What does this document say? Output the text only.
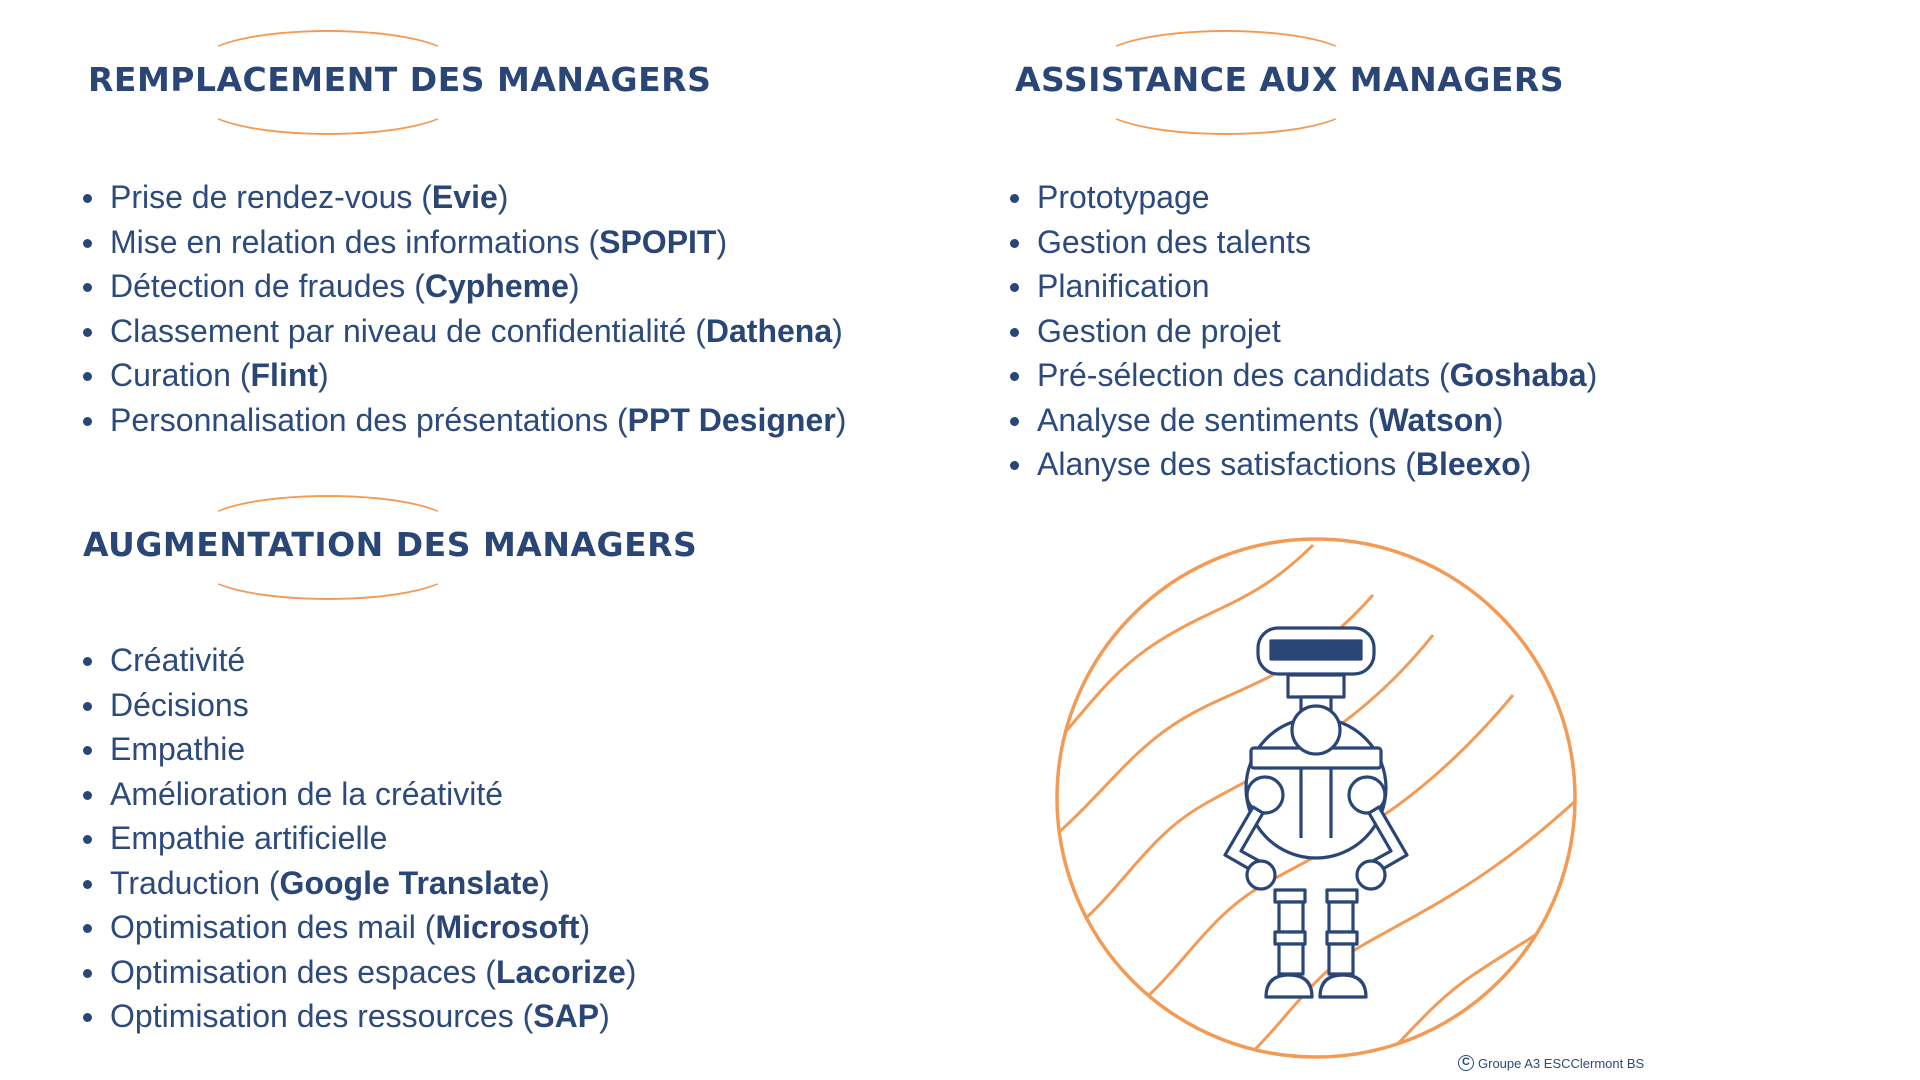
REMPLACEMENT DES MANAGERS
Prise de rendez-vous (Evie)
Mise en relation des informations (SPOPIT)
Détection de fraudes (Cypheme)
Classement par niveau de confidentialité (Dathena)
Curation (Flint)
Personnalisation des présentations (PPT Designer)
ASSISTANCE AUX MANAGERS
Prototypage
Gestion des talents
Planification
Gestion de projet
Pré-sélection des candidats (Goshaba)
Analyse de sentiments (Watson)
Alanyse des satisfactions (Bleexo)
AUGMENTATION DES MANAGERS
Créativité
Décisions
Empathie
Amélioration de la créativité
Empathie artificielle
Traduction (Google Translate)
Optimisation des mail (Microsoft)
Optimisation des espaces (Lacorize)
Optimisation des ressources (SAP)
C Groupe A3 ESCClermont BS
